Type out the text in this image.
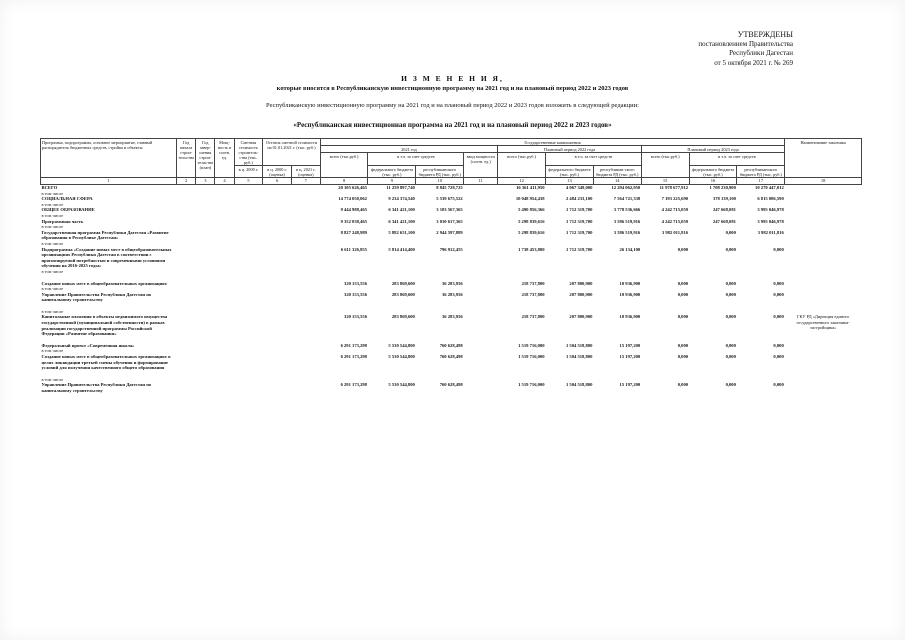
УТВЕРЖДЕНЫ
постановлением Правительства
Республики Дагестан
от 5 октября 2021 г. № 269
И З М Е Н Е Н И Я,
которые вносятся в Республиканскую инвестиционную программу на 2021 год и на плановый период 2022 и 2023 годов
Республиканскую инвестиционную программу на 2021 год и на плановый период 2022 и 2023 годов изложить в следующей редакции:
«Республиканская инвестиционная программа на 2021 год и на плановый период 2022 и 2023 годов»
Программа, подпрограмма, основное мероприятие, главный распорядитель бюджетных средств, стройка и объекты	Год начала строи-тельства	Год завер-шения строи-тельства (план)	Мощ-ность в соотв. ед.	Сметная стоимость строитель-ства (тыс. руб.)	Остаток сметной стоимости на 01.01.2021 г. (тыс. руб.)		Государственные капвложения										Наименование заказчика
							2021 год				Плановый период 2022 года			Плановый период 2023 года			
							всего (тыс.руб.)	в т.ч. за счет средств		ввод мощности (соотв. ед.)	всего (тыс.руб.)	в т.ч. за счет средств		всего (тыс.руб.)	в т.ч. за счет средств		
				в ц. 2000 г.	в ц. 2000 г. (оценка)	в ц. 2021 г. (оценка)		федерального бюджета (тыс. руб.)	республиканского бюджета РД (тыс. руб.)			федерального бюджета (тыс. руб.)	республикан-ского бюджета РД (тыс. руб.)		федерального бюджета (тыс. руб.)	республиканского бюджета РД (тыс. руб.)	
1	2	3	4	5	6	7	8	9	10	11	12	13	14	15	16	17	18
ВСЕГО							20 105 626,465	11 259 897,740	8 845 728,725		16 361 411,950	4 067 349,000	12 294 062,950	11 978 677,912	1 708 230,900	10 270 447,012	
в том числе																	
СОЦИАЛЬНАЯ СФЕРА							14 774 050,062	9 234 374,540	5 539 675,522		10 048 954,438	2 484 233,100	7 564 721,338	7 193 225,690	378 139,100	6 815 086,590	
в том числе																	
ОБЩЕЕ ОБРАЗОВАНИЕ							9 444 988,465	6 341 421,100	3 103 567,365		5 490 856,366	1 712 319,700	3 778 536,666	4 242 715,059	247 668,081	3 995 046,978	
в том числе																	
Программная часть							9 352 038,465	6 341 421,100	3 010 617,365		5 298 839,616	1 712 319,700	3 586 519,916	4 242 715,059	247 668,081	3 995 046,978	
в том числе																	
Государственная программа Республики Дагестан «Развитие образования в Республике Дагестан»							8 827 248,989	5 882 651,100	2 944 597,889		5 298 839,616	1 712 319,700	3 586 519,916	3 982 011,816	0,000	3 982 011,816	
в том числе																	
Подпрограмма «Создание новых мест в общеобразовательных организациях Республики Дагестан в соответствии с прогнозируемой потребностью и современными условиями обучения на 2016-2025 годы»							6 611 326,855	5 814 414,400	796 912,455		1 738 453,800	1 712 319,700	26 134,100	0,000	0,000	0,000	
в том числе																	

Создание новых мест в общеобразовательных организациях							320 153,556	283 869,600	36 283,956		218 737,800	207 800,900	10 936,900	0,000	0,000	0,000	
в том числе																	
Управление Правительства Республики Дагестан по капитальному строительству							320 153,556	283 869,600	36 283,956		218 737,800	207 800,900	10 936,900	0,000	0,000	0,000	

в том числе																	
Капитальные вложения в объекты недвижимого имущества государственной (муниципальной собственности) в рамках реализации государственной программы Российской Федерации «Развитие образования»							320 153,556	283 869,600	36 283,956		218 737,800	207 800,900	10 936,900	0,000	0,000	0,000	ГКУ РД «Дирекция единого государственного заказчика-застройщика»

Федеральный проект «Современная школа»							6 291 173,298	5 530 544,800	760 628,498		1 519 716,000	1 504 518,800	15 197,200	0,000	0,000	0,000	
в том числе																	
Создание новых мест в общеобразовательных организациях в целях ликвидации третьей смены обучения и формирование условий для получения качественного общего образования							6 291 173,298	5 530 544,800	760 628,498		1 519 716,000	1 504 518,800	15 197,200	0,000	0,000	0,000	

в том числе																	
Управление Правительства Республики Дагестан по капитальному строительству							6 291 173,298	5 530 544,800	760 628,498		1 519 716,000	1 504 518,800	15 197,200	0,000	0,000	0,000	
